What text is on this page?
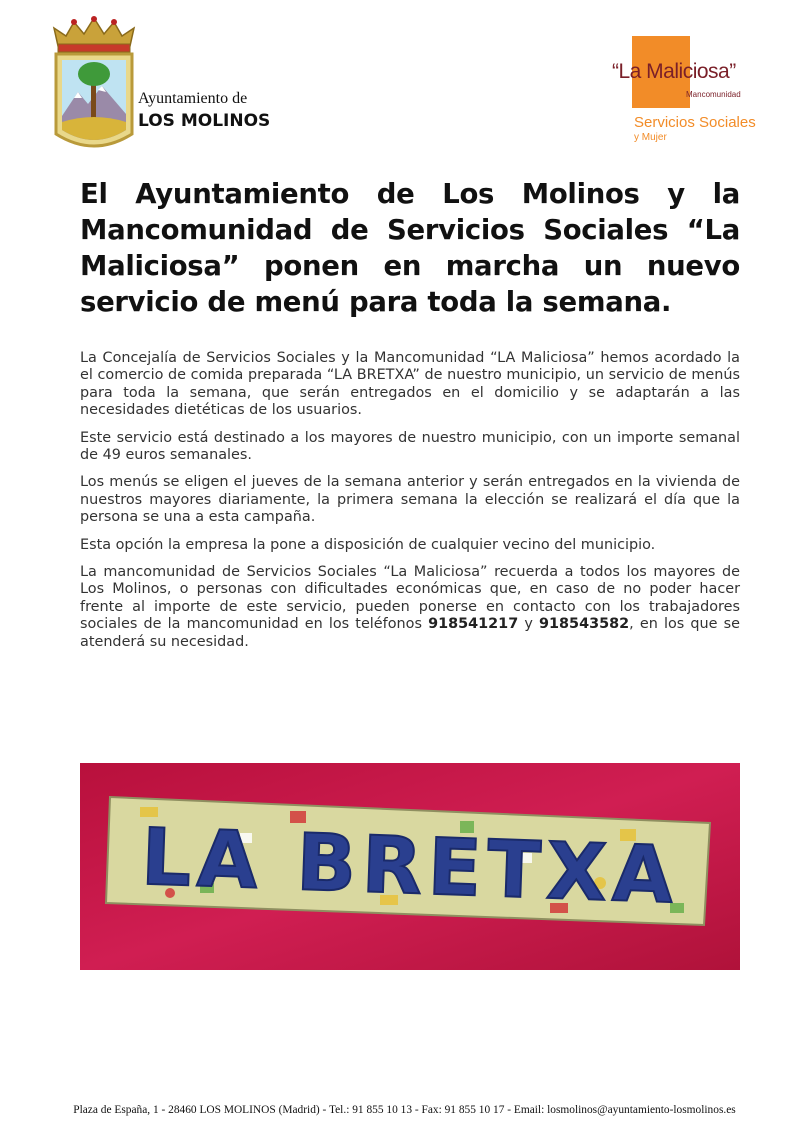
Ayuntamiento de
LOS MOLINOS
“La Maliciosa”
Mancomunidad
Servicios Sociales
y Mujer
El Ayuntamiento de Los Molinos y la Mancomunidad de Servicios Sociales “La Maliciosa” ponen en marcha un nuevo servicio de menú para toda la semana.

La Concejalía de Servicios Sociales y la Mancomunidad “LA Maliciosa” hemos acordado la el comercio de comida preparada “LA BRETXA” de nuestro municipio, un servicio de menús para toda la semana, que serán entregados en el domicilio y se adaptarán a las necesidades dietéticas de los usuarios.

Este servicio está destinado a los mayores de nuestro municipio, con un importe semanal de 49 euros semanales.

Los menús se eligen el jueves de la semana anterior y serán entregados en la vivienda de nuestros mayores diariamente, la primera semana la elección se realizará el día que la persona se una a esta campaña.

Esta opción la empresa la pone a disposición de cualquier vecino del municipio.

La mancomunidad de Servicios Sociales “La Maliciosa” recuerda a todos los mayores de Los Molinos, o personas con dificultades económicas que, en caso de no poder hacer frente al importe de este servicio, pueden ponerse en contacto con los trabajadores sociales de la mancomunidad en los teléfonos 918541217 y 918543582, en los que se atenderá su necesidad.

LA BRETXA
Plaza de España, 1 - 28460 LOS MOLINOS (Madrid) - Tel.: 91 855 10 13 - Fax: 91 855 10 17 - Email: losmolinos@ayuntamiento-losmolinos.es
